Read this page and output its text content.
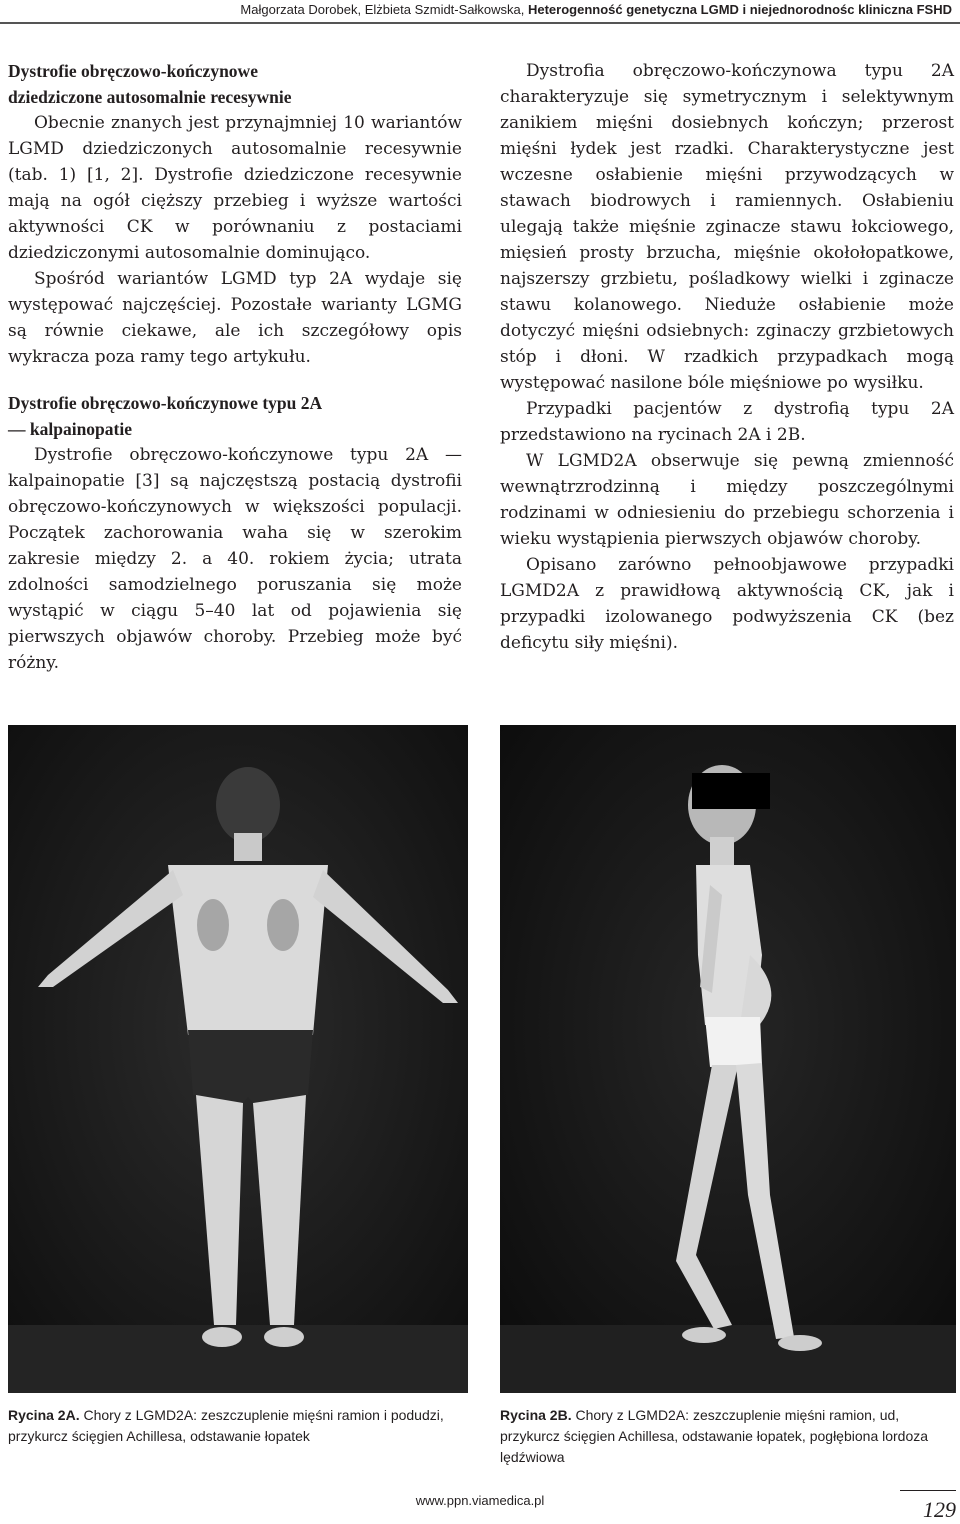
Małgorzata Dorobek, Elżbieta Szmidt-Sałkowska, Heterogenność genetyczna LGMD i niejednorodnośc kliniczna FSHD

Dystrofie obręczowo-kończynowe
dziedziczone autosomalnie recesywnie

Obecnie znanych jest przynajmniej 10 wariantów LGMD dziedziczonych autosomalnie recesywnie (tab. 1) [1, 2]. Dystrofie dziedziczone recesywnie mają na ogół cięższy przebieg i wyższe wartości aktywności CK w porównaniu z postaciami dziedziczonymi autosomalnie dominująco.

Spośród wariantów LGMD typ 2A wydaje się występować najczęściej. Pozostałe warianty LGMG są równie ciekawe, ale ich szczegółowy opis wykracza poza ramy tego artykułu.

Dystrofie obręczowo-kończynowe typu 2A
— kalpainopatie

Dystrofie obręczowo-kończynowe typu 2A — kalpainopatie [3] są najczęstszą postacią dystrofii obręczowo-kończynowych w większości populacji. Początek zachorowania waha się w szerokim zakresie między 2. a 40. rokiem życia; utrata zdolności samodzielnego poruszania się może wystąpić w ciągu 5–40 lat od pojawienia się pierwszych objawów choroby. Przebieg może być różny.

Dystrofia obręczowo-kończynowa typu 2A charakteryzuje się symetrycznym i selektywnym zanikiem mięśni dosiebnych kończyn; przerost mięśni łydek jest rzadki. Charakterystyczne jest wczesne osłabienie mięśni przywodzących w stawach biodrowych i ramiennych. Osłabieniu ulegają także mięśnie zginacze stawu łokciowego, mięsień prosty brzucha, mięśnie okołołopatkowe, najszerszy grzbietu, pośladkowy wielki i zginacze stawu kolanowego. Nieduże osłabienie może dotyczyć mięśni odsiebnych: zginaczy grzbietowych stóp i dłoni. W rzadkich przypadkach mogą występować nasilone bóle mięśniowe po wysiłku.

Przypadki pacjentów z dystrofią typu 2A przedstawiono na rycinach 2A i 2B.

W LGMD2A obserwuje się pewną zmienność wewnątrzrodzinną i między poszczególnymi rodzinami w odniesieniu do przebiegu schorzenia i wieku wystąpienia pierwszych objawów choroby.

Opisano zarówno pełnoobjawowe przypadki LGMD2A z prawidłową aktywnością CK, jak i przypadki izolowanego podwyższenia CK (bez deficytu siły mięśni).

Rycina 2A. Chory z LGMD2A: zeszczuplenie mięśni ramion i podudzi, przykurcz ścięgien Achillesa, odstawanie łopatek
Rycina 2B. Chory z LGMD2A: zeszczuplenie mięśni ramion, ud, przykurcz ścięgien Achillesa, odstawanie łopatek, pogłębiona lordoza lędźwiowa
www.ppn.viamedica.pl	129
